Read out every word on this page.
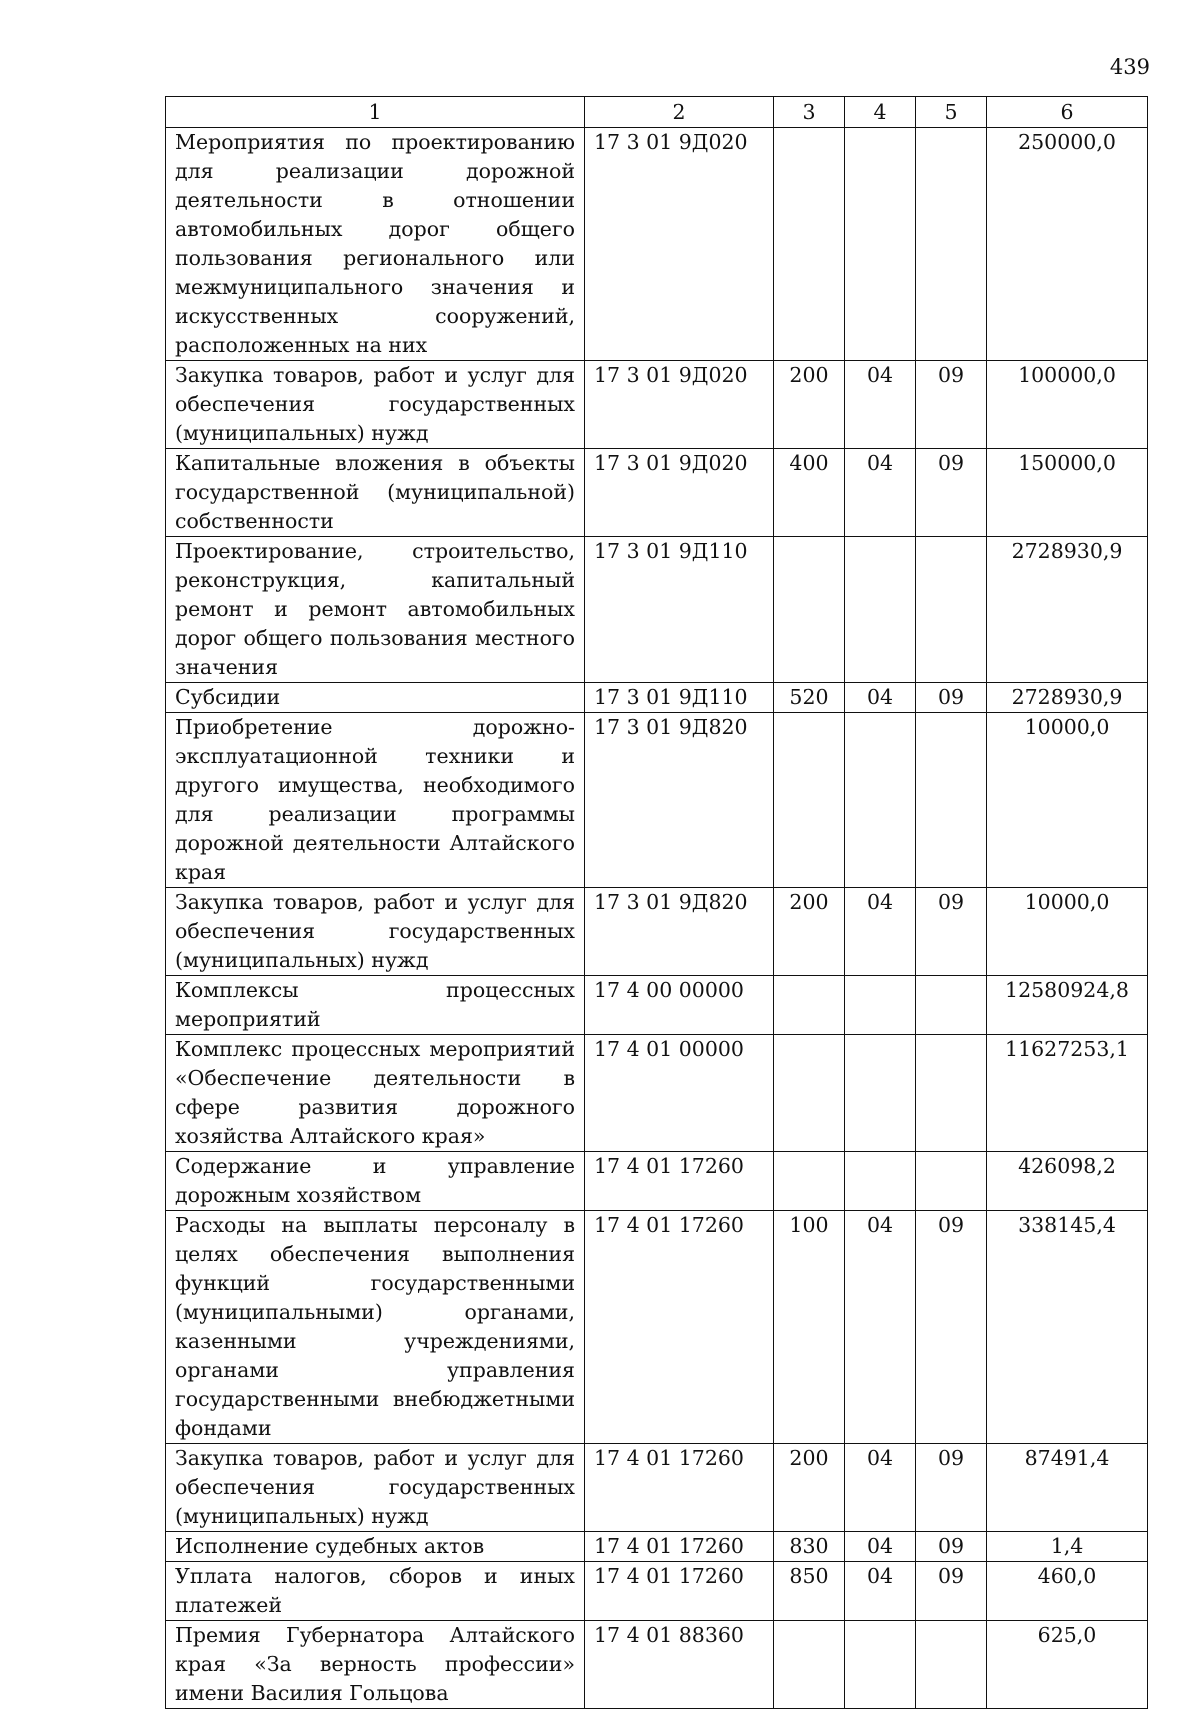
439
1	2	3	4	5	6
Мероприятия по проектированию для реализации дорожной деятельности в отношении автомобильных дорог общего пользования регионального или межмуниципального значения и искусственных сооружений, расположенных на них	17 3 01 9Д020				250000,0
Закупка товаров, работ и услуг для обеспечения государственных (муниципальных) нужд	17 3 01 9Д020	200	04	09	100000,0
Капитальные вложения в объекты государственной (муниципальной) собственности	17 3 01 9Д020	400	04	09	150000,0
Проектирование, строительство, реконструкция, капитальный ремонт и ремонт автомобильных дорог общего пользования местного значения	17 3 01 9Д110				2728930,9
Субсидии	17 3 01 9Д110	520	04	09	2728930,9
Приобретение дорожно-эксплуатационной техники и другого имущества, необходимого для реализации программы дорожной деятельности Алтайского края	17 3 01 9Д820				10000,0
Закупка товаров, работ и услуг для обеспечения государственных (муниципальных) нужд	17 3 01 9Д820	200	04	09	10000,0
Комплексы процессных мероприятий	17 4 00 00000				12580924,8
Комплекс процессных мероприятий «Обеспечение деятельности в сфере развития дорожного хозяйства Алтайского края»	17 4 01 00000				11627253,1
Содержание и управление дорожным хозяйством	17 4 01 17260				426098,2
Расходы на выплаты персоналу в целях обеспечения выполнения функций государственными (муниципальными) органами, казенными учреждениями, органами управления государственными внебюджетными фондами	17 4 01 17260	100	04	09	338145,4
Закупка товаров, работ и услуг для обеспечения государственных (муниципальных) нужд	17 4 01 17260	200	04	09	87491,4
Исполнение судебных актов	17 4 01 17260	830	04	09	1,4
Уплата налогов, сборов и иных платежей	17 4 01 17260	850	04	09	460,0
Премия Губернатора Алтайского края «За верность профессии» имени Василия Гольцова	17 4 01 88360				625,0
